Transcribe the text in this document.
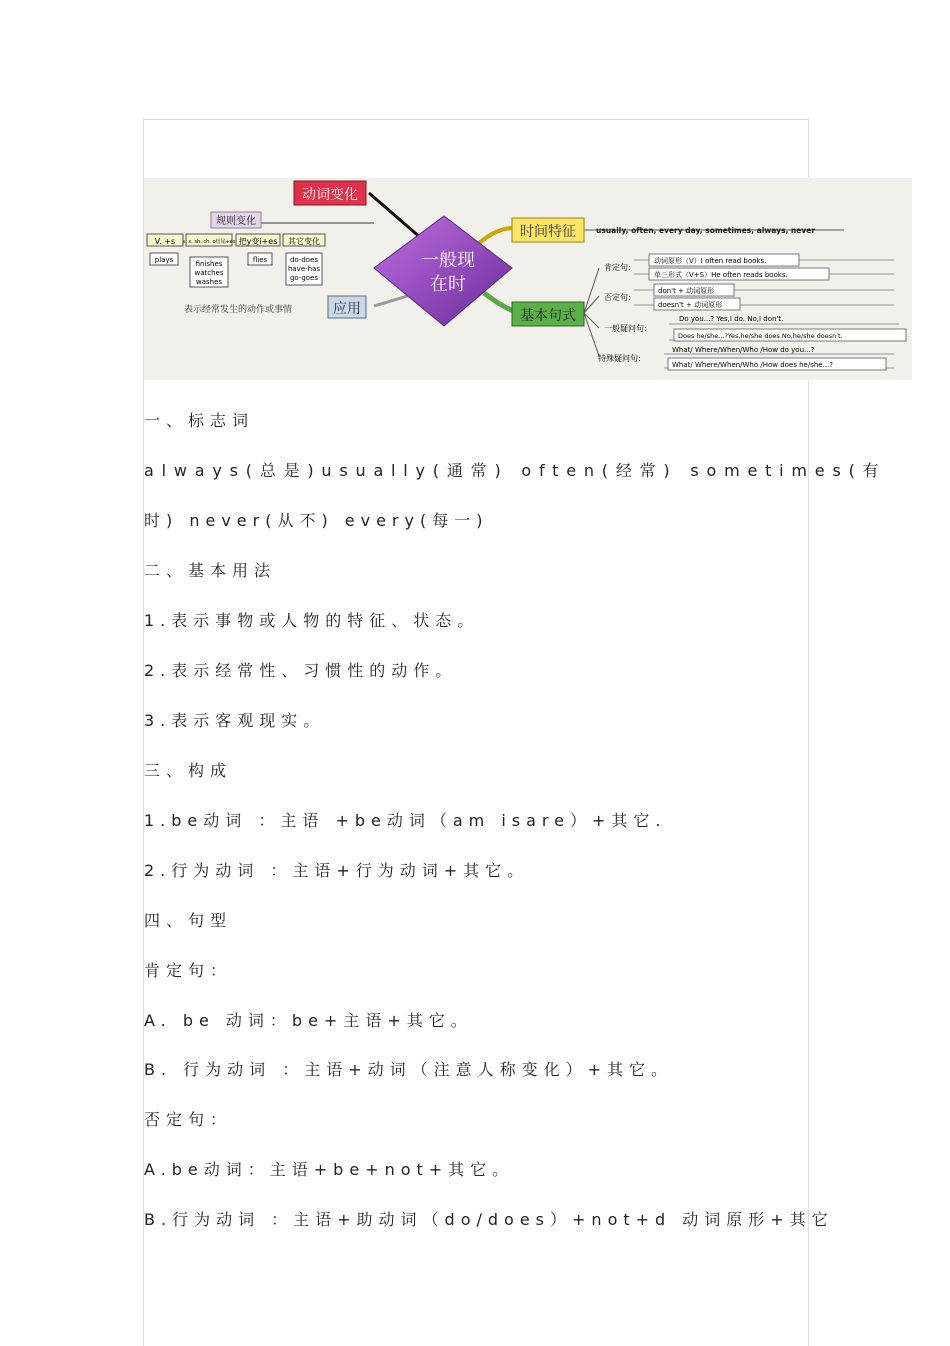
一般现
在时
动词变化
规则变化
V. +s s. x. sh. ch. o结尾+es 把y变i+es 其它变化
plays	finishes
watches
washes
flies	do-does
have-has
go-goes
应用
表示经常发生的动作或事情
时间特征	usually, often, every day, sometimes, always, never
基本句式
肯定句:
动词原形（V）I often read books.
单三形式（V+S）He often reads books.
否定句:
don't + 动词原形
doesn't + 动词原形
一般疑问句:
Do you...? Yes,I do. No,I don't.
Does he/she...?Yes,he/she does.No,he/she doesn't.
特殊疑问句:
What/ Where/When/Who /How do you...?
What/ Where/When/Who /How does he/she...?
一、标志词
always(总是)usually(通常) often(经常) sometimes(有
时) never(从不) every(每一)
二、基本用法
1.表示事物或人物的特征、状态。
2.表示经常性、习惯性的动作。
3.表示客观现实。
三、构成
1.be动词 ：主语 +be动词（am isare）+其它.
2.行为动词 ：主语+行为动词+其它。
四、句型
肯定句：
A. be 动词：be+主语+其它。
B. 行为动词 ：主语+动词（注意人称变化）+其它。
否定句：
A.be动词：主语+be+not+其它。
B.行为动词 ：主语+助动词（do/does）+not+d 动词原形+其它
